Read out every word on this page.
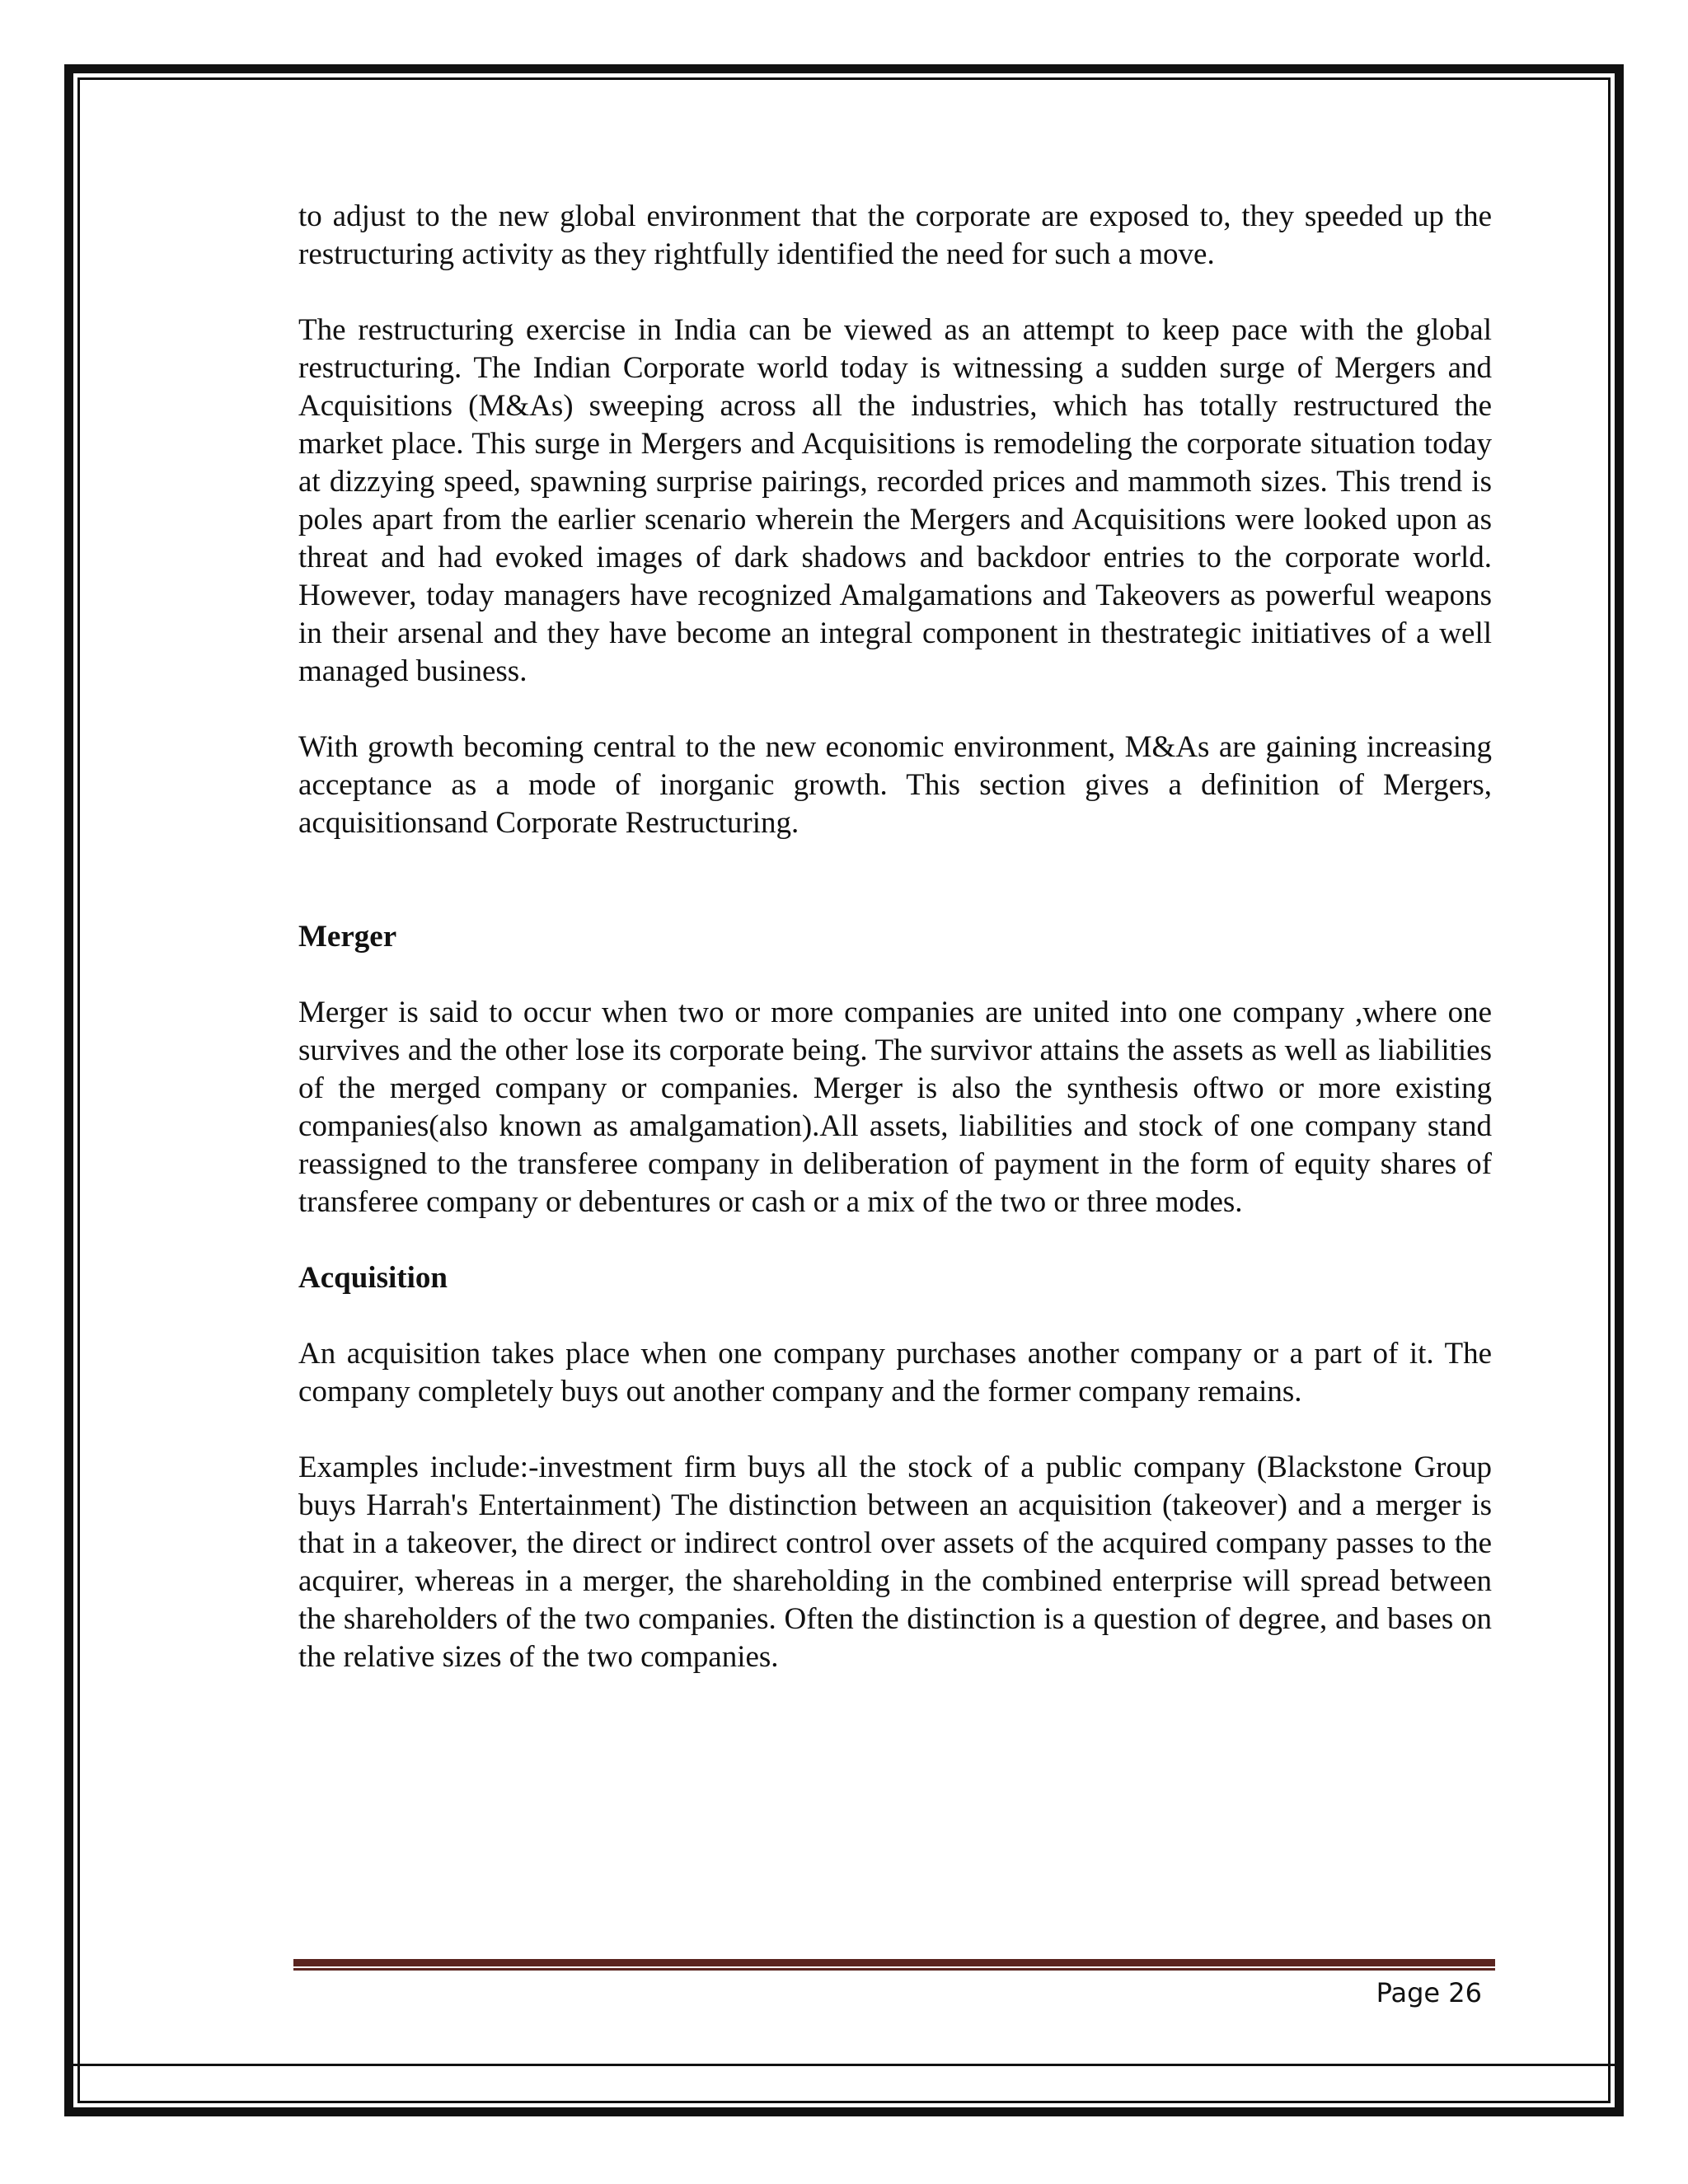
to adjust to the new global environment that the corporate are exposed to, they speeded up the restructuring activity as they rightfully identified the need for such a move.

The restructuring exercise in India can be viewed as an attempt to keep pace with the global restructuring. The Indian Corporate world today is witnessing a sudden surge of Mergers and Acquisitions (M&As) sweeping across all the industries, which has totally restructured the market place. This surge in Mergers and Acquisitions is remodeling the corporate situation today at dizzying speed, spawning surprise pairings, recorded prices and mammoth sizes. This trend is poles apart from the earlier scenario wherein the Mergers and Acquisitions were looked upon as threat and had evoked images of dark shadows and backdoor entries to the corporate world. However, today managers have recognized Amalgamations and Takeovers as powerful weapons in their arsenal and they have become an integral component in thestrategic initiatives of a well managed business.

With growth becoming central to the new economic environment, M&As are gaining increasing acceptance as a mode of inorganic growth. This section gives a definition of Mergers, acquisitionsand Corporate Restructuring.

Merger

Merger is said to occur when two or more companies are united into one company ,where one survives and the other lose its corporate being. The survivor attains the assets as well as liabilities of the merged company or companies. Merger is also the synthesis oftwo or more existing companies(also known as amalgamation).All assets, liabilities and stock of one company stand reassigned to the transferee company in deliberation of payment in the form of equity shares of transferee company or debentures or cash or a mix of the two or three modes.

Acquisition

An acquisition takes place when one company purchases another company or a part of it. The company completely buys out another company and the former company remains.

Examples include:-investment firm buys all the stock of a public company (Blackstone Group buys Harrah's Entertainment) The distinction between an acquisition (takeover) and a merger is that in a takeover, the direct or indirect control over assets of the acquired company passes to the acquirer, whereas in a merger, the shareholding in the combined enterprise will spread between the shareholders of the two companies. Often the distinction is a question of degree, and bases on the relative sizes of the two companies.

Page 26
